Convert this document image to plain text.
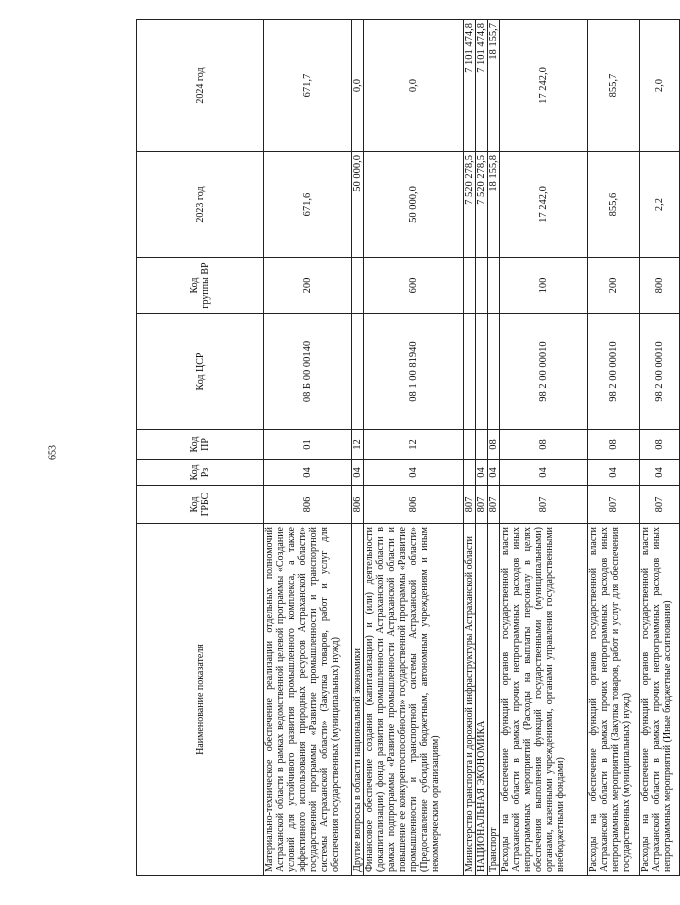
653
Наименование показателя	Код ГРБС	Код Рз	Код ПР	Код ЦСР	Код группы ВР	2023 год	2024 год
Материально-техническое обеспечение реализации отдельных полномочий Астраханской области в рамках ведомственной целевой программы «Создание условий для устойчивого развития промышленного комплекса, а также эффективного использования природных ресурсов Астраханской области» государственной программы «Развитие промышленности и транспортной системы Астраханской области» (Закупка товаров, работ и услуг для обеспечения государственных (муниципальных) нужд)	806	04	01	08 Б 00 00140	200	671,6	671,7
Другие вопросы в области национальной экономики	806	04	12			50 000,0	0,0
Финансовое обеспечение создания (капитализации) и (или) деятельности (докапитализации) фонда развития промышленности Астраханской области в рамках подпрограммы «Развитие промышленности Астраханской области и повышение ее конкурентоспособности» государственной программы «Развитие промышленности и транспортной системы Астраханской области» (Предоставление субсидий бюджетным, автономным учреждениям и иным некоммерческим организациям)	806	04	12	08 1 00 81940	600	50 000,0	0,0
Министерство транспорта и дорожной инфраструктуры Астраханской области	807					7 520 278,5	7 101 474,8
НАЦИОНАЛЬНАЯ ЭКОНОМИКА	807	04				7 520 278,5	7 101 474,8
Транспорт	807	04	08			18 155,8	18 155,7
Расходы на обеспечение функций органов государственной власти Астраханской области в рамках прочих непрограммных расходов иных непрограммных мероприятий (Расходы на выплаты персоналу в целях обеспечения выполнения функций государственными (муниципальными) органами, казенными учреждениями, органами управления государственными внебюджетными фондами)	807	04	08	98 2 00 00010	100	17 242,0	17 242,0
Расходы на обеспечение функций органов государственной власти Астраханской области в рамках прочих непрограммных расходов иных непрограммных мероприятий (Закупка товаров, работ и услуг для обеспечения государственных (муниципальных) нужд)	807	04	08	98 2 00 00010	200	855,6	855,7
Расходы на обеспечение функций органов государственной власти Астраханской области в рамках прочих непрограммных расходов иных непрограммных мероприятий (Иные бюджетные ассигнования)	807	04	08	98 2 00 00010	800	2,2	2,0
